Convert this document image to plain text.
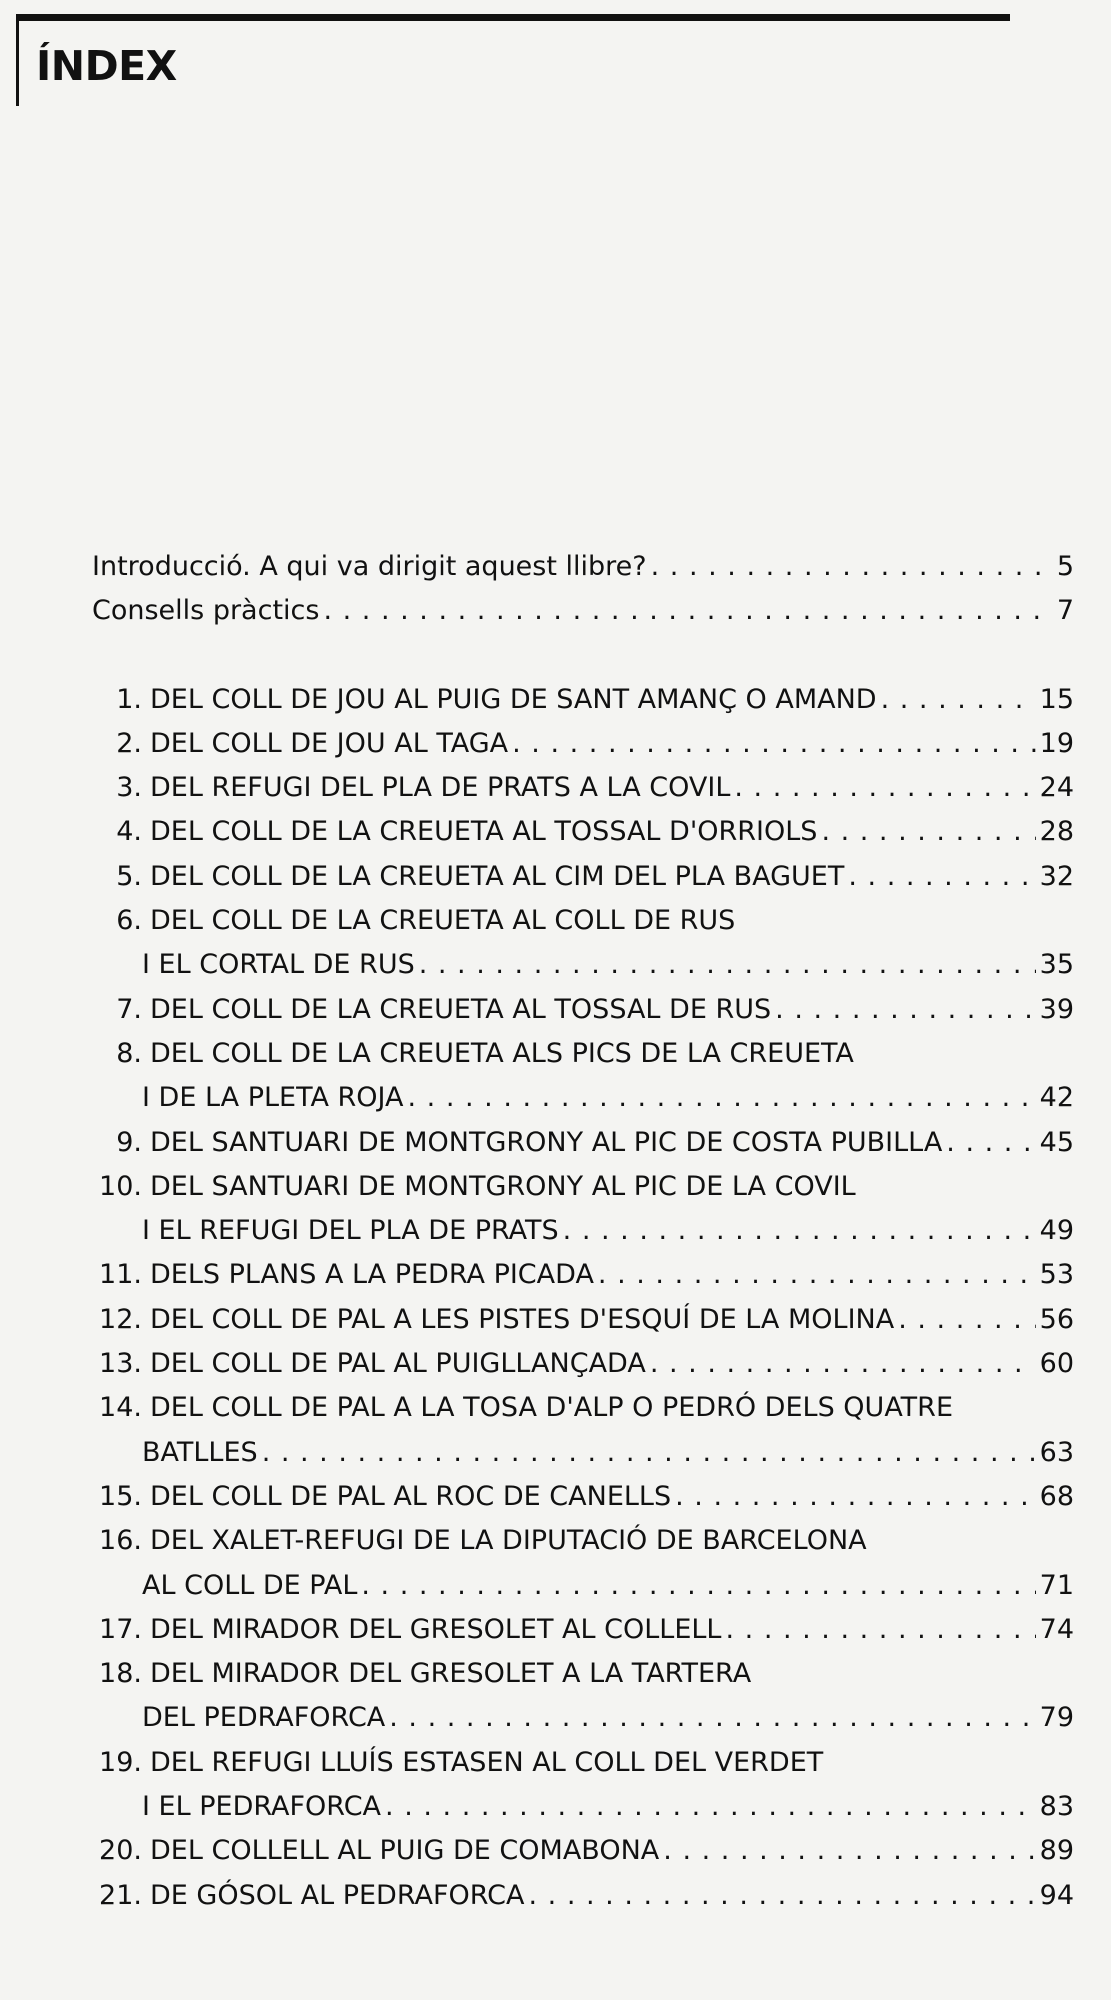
ÍNDEX
Introducció. A qui va dirigit aquest llibre? . . .	5
Consells pràctics . . .	7
1. DEL COLL DE JOU AL PUIG DE SANT AMANÇ O AMAND . . .	15
2. DEL COLL DE JOU AL TAGA . . .	19
3. DEL REFUGI DEL PLA DE PRATS A LA COVIL . . .	24
4. DEL COLL DE LA CREUETA AL TOSSAL D'ORRIOLS . . .	28
5. DEL COLL DE LA CREUETA AL CIM DEL PLA BAGUET . . .	32
6. DEL COLL DE LA CREUETA AL COLL DE RUS
I EL CORTAL DE RUS . . .	35
7. DEL COLL DE LA CREUETA AL TOSSAL DE RUS . . .	39
8. DEL COLL DE LA CREUETA ALS PICS DE LA CREUETA
I DE LA PLETA ROJA . . .	42
9. DEL SANTUARI DE MONTGRONY AL PIC DE COSTA PUBILLA . . .	45
10. DEL SANTUARI DE MONTGRONY AL PIC DE LA COVIL
I EL REFUGI DEL PLA DE PRATS . . .	49
11. DELS PLANS A LA PEDRA PICADA . . .	53
12. DEL COLL DE PAL A LES PISTES D'ESQUÍ DE LA MOLINA . . .	56
13. DEL COLL DE PAL AL PUIGLLANÇADA . . .	60
14. DEL COLL DE PAL A LA TOSA D'ALP O PEDRÓ DELS QUATRE
BATLLES . . .	63
15. DEL COLL DE PAL AL ROC DE CANELLS . . .	68
16. DEL XALET-REFUGI DE LA DIPUTACIÓ DE BARCELONA
AL COLL DE PAL . . .	71
17. DEL MIRADOR DEL GRESOLET AL COLLELL . . .	74
18. DEL MIRADOR DEL GRESOLET A LA TARTERA
DEL PEDRAFORCA . . .	79
19. DEL REFUGI LLUÍS ESTASEN AL COLL DEL VERDET
I EL PEDRAFORCA . . .	83
20. DEL COLLELL AL PUIG DE COMABONA . . .	89
21. DE GÓSOL AL PEDRAFORCA . . .	94
